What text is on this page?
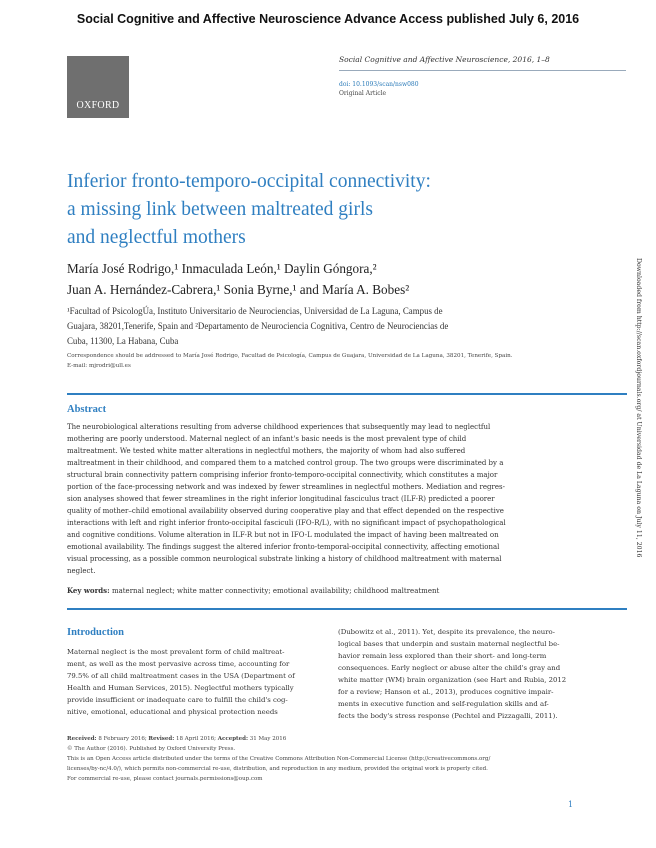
Social Cognitive and Affective Neuroscience Advance Access published July 6, 2016
OXFORD
Social Cognitive and Affective Neuroscience, 2016, 1–8
doi: 10.1093/scan/nsw080
Original Article
Inferior fronto-temporo-occipital connectivity:
a missing link between maltreated girls
and neglectful mothers
María José Rodrigo,¹ Inmaculada León,¹ Daylin Góngora,²
Juan A. Hernández-Cabrera,¹ Sonia Byrne,¹ and María A. Bobes²
¹Facultad of PsicologÚa, Instituto Universitario de Neurociencias, Universidad de La Laguna, Campus de
Guajara, 38201,Tenerife, Spain and ²Departamento de Neurociencia Cognitiva, Centro de Neurociencias de
Cuba, 11300, La Habana, Cuba
Correspondence should be addressed to María José Rodrigo, Facultad de Psicología, Campus de Guajara, Universidad de La Laguna, 38201, Tenerife, Spain.
E-mail: mjrodri@ull.es
Abstract
The neurobiological alterations resulting from adverse childhood experiences that subsequently may lead to neglectful
mothering are poorly understood. Maternal neglect of an infant's basic needs is the most prevalent type of child
maltreatment. We tested white matter alterations in neglectful mothers, the majority of whom had also suffered
maltreatment in their childhood, and compared them to a matched control group. The two groups were discriminated by a
structural brain connectivity pattern comprising inferior fronto-temporo-occipital connectivity, which constitutes a major
portion of the face-processing network and was indexed by fewer streamlines in neglectful mothers. Mediation and regres-
sion analyses showed that fewer streamlines in the right inferior longitudinal fasciculus tract (ILF-R) predicted a poorer
quality of mother–child emotional availability observed during cooperative play and that effect depended on the respective
interactions with left and right inferior fronto-occipital fasciculi (IFO-R/L), with no significant impact of psychopathological
and cognitive conditions. Volume alteration in ILF-R but not in IFO-L modulated the impact of having been maltreated on
emotional availability. The findings suggest the altered inferior fronto-temporal-occipital connectivity, affecting emotional
visual processing, as a possible common neurological substrate linking a history of childhood maltreatment with maternal
neglect.
Key words: maternal neglect; white matter connectivity; emotional availability; childhood maltreatment
Introduction
Maternal neglect is the most prevalent form of child maltreat-
ment, as well as the most pervasive across time, accounting for
79.5% of all child maltreatment cases in the USA (Department of
Health and Human Services, 2015). Neglectful mothers typically
provide insufficient or inadequate care to fulfill the child's cog-
nitive, emotional, educational and physical protection needs
(Dubowitz et al., 2011). Yet, despite its prevalence, the neuro-
logical bases that underpin and sustain maternal neglectful be-
havior remain less explored than their short- and long-term
consequences. Early neglect or abuse alter the child's gray and
white matter (WM) brain organization (see Hart and Rubia, 2012
for a review; Hanson et al., 2013), produces cognitive impair-
ments in executive function and self-regulation skills and af-
fects the body's stress response (Pechtel and Pizzagalli, 2011).
Received: 8 February 2016; Revised: 18 April 2016; Accepted: 31 May 2016
© The Author (2016). Published by Oxford University Press.
This is an Open Access article distributed under the terms of the Creative Commons Attribution Non-Commercial License (http://creativecommons.org/
licenses/by-nc/4.0/), which permits non-commercial re-use, distribution, and reproduction in any medium, provided the original work is properly cited.
For commercial re-use, please contact journals.permissions@oup.com
1
Downloaded from http://scan.oxfordjournals.org/ at Universidad de La Laguna on July 11, 2016
